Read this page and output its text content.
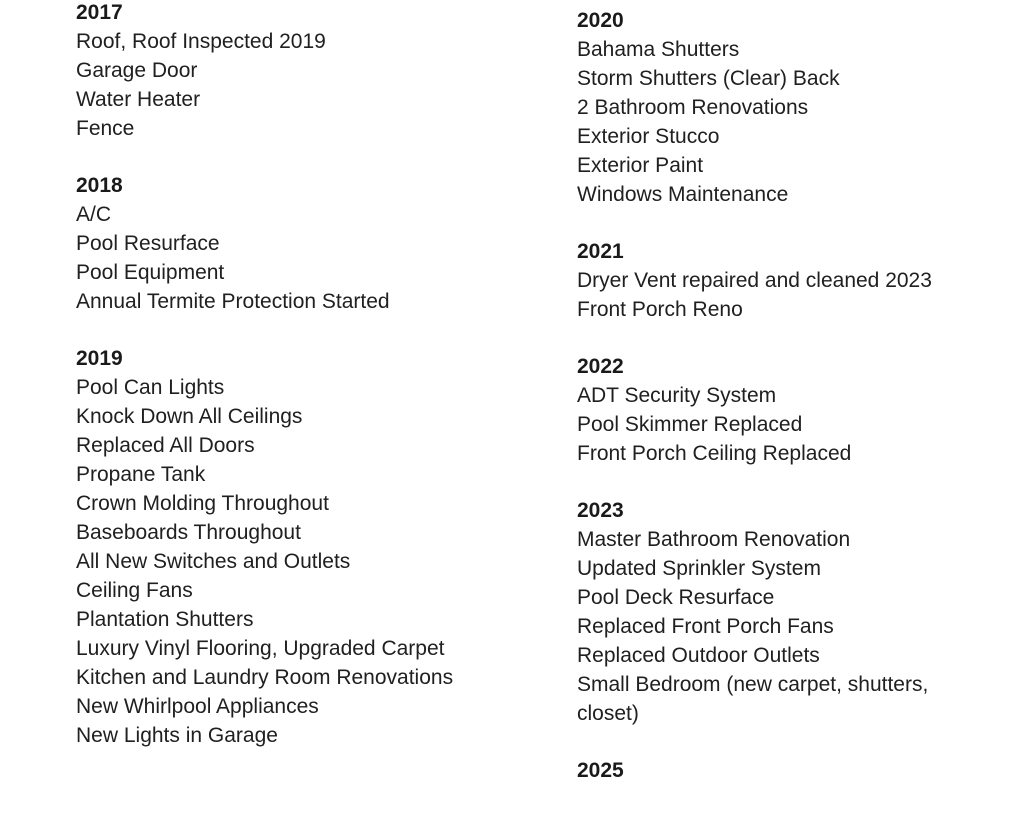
2017
Roof, Roof Inspected 2019
Garage Door
Water Heater
Fence
2018
A/C
Pool Resurface
Pool Equipment
Annual Termite Protection Started
2019
Pool Can Lights
Knock Down All Ceilings
Replaced All Doors
Propane Tank
Crown Molding Throughout
Baseboards Throughout
All New Switches and Outlets
Ceiling Fans
Plantation Shutters
Luxury Vinyl Flooring, Upgraded Carpet
Kitchen and Laundry Room Renovations
New Whirlpool Appliances
New Lights in Garage
2020
Bahama Shutters
Storm Shutters (Clear) Back
2 Bathroom Renovations
Exterior Stucco
Exterior Paint
Windows Maintenance
2021
Dryer Vent repaired and cleaned 2023
Front Porch Reno
2022
ADT Security System
Pool Skimmer Replaced
Front Porch Ceiling Replaced
2023
Master Bathroom Renovation
Updated Sprinkler System
Pool Deck Resurface
Replaced Front Porch Fans
Replaced Outdoor Outlets
Small Bedroom (new carpet, shutters, closet)
2025
